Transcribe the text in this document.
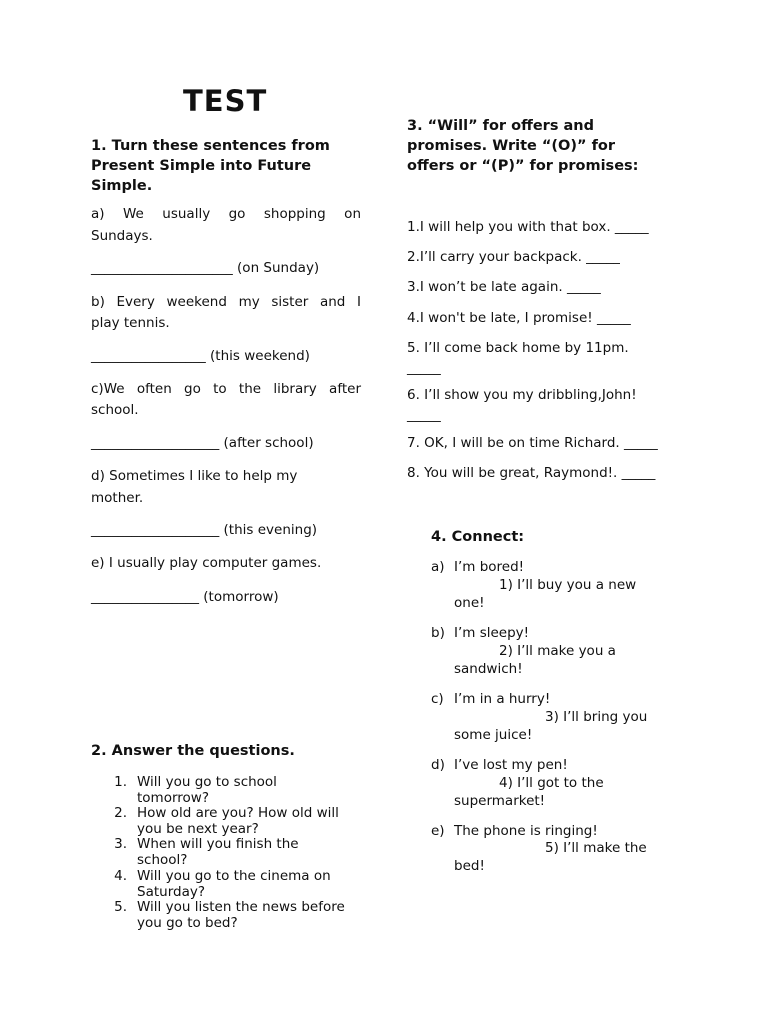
TEST
1. Turn these sentences from
Present Simple into Future
Simple.
a) We usually go shopping on
Sundays.
_____________________ (on Sunday)
b) Every weekend my sister and I
play tennis.
_________________ (this weekend)
c)We often go to the library after
school.
___________________ (after school)
d) Sometimes I like to help my
mother.
___________________ (this evening)
e) I usually play computer games.
________________ (tomorrow)
2. Answer the questions.
1. Will you go to school
tomorrow?
2. How old are you? How old will
you be next year?
3. When will you finish the
school?
4. Will you go to the cinema on
Saturday?
5. Will you listen the news before
you go to bed?
3. “Will” for offers and
promises. Write “(O)” for
offers or “(P)” for promises:
1.I will help you with that box. _____
2.I’ll carry your backpack. _____
3.I won’t be late again. _____
4.I won't be late, I promise! _____
5. I’ll come back home by 11pm.
_____
6. I’ll show you my dribbling,John!
_____
7. OK, I will be on time Richard. _____
8. You will be great, Raymond!. _____
4. Connect:
a) I’m bored!
1) I’ll buy you a new
one!
b) I’m sleepy!
2) I’ll make you a
sandwich!
c) I’m in a hurry!
3) I’ll bring you
some juice!
d) I’ve lost my pen!
4) I’ll got to the
supermarket!
e) The phone is ringing!
5) I’ll make the
bed!
